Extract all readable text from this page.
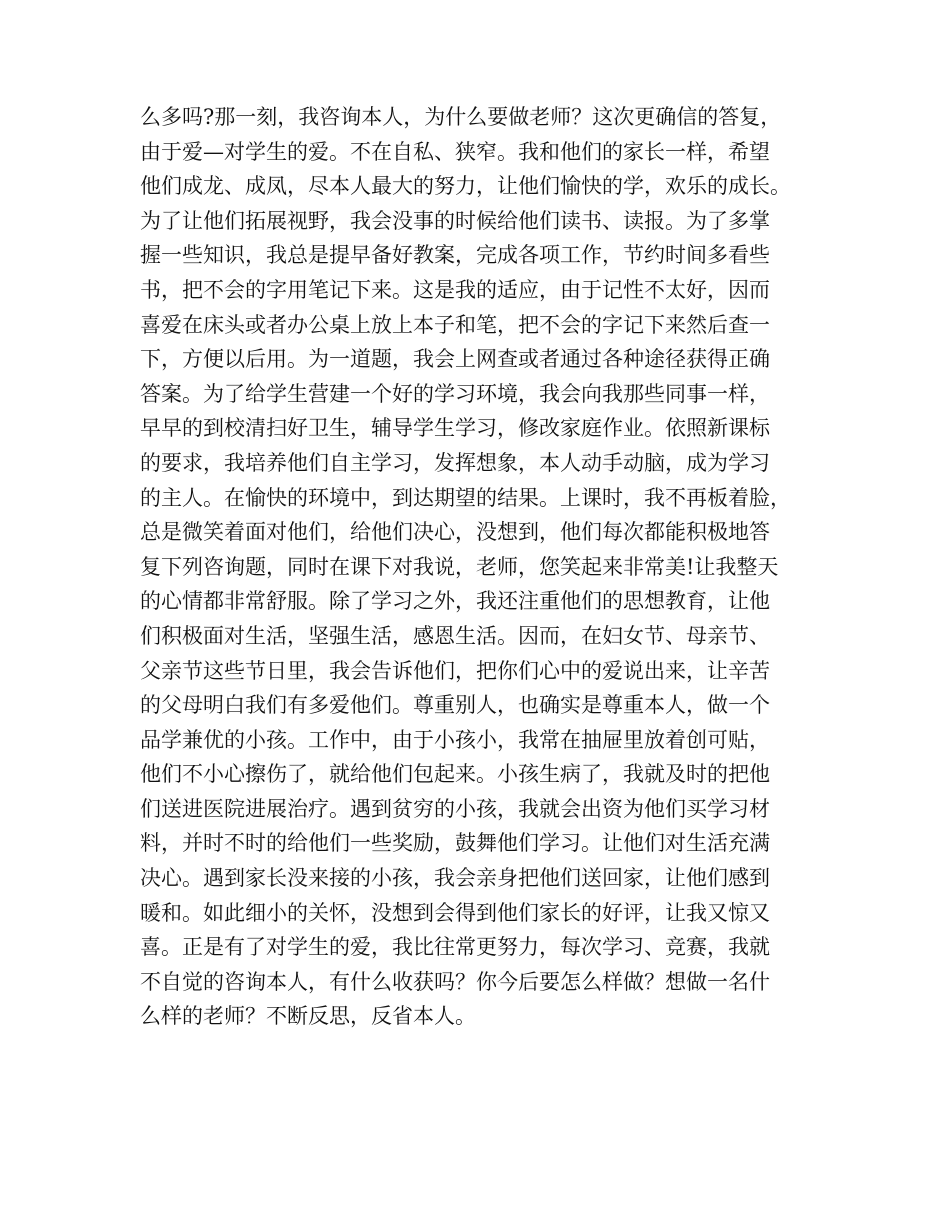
么多吗?那一刻，我咨询本人，为什么要做老师？这次更确信的答复，
由于爱—对学生的爱。不在自私、狭窄。我和他们的家长一样，希望
他们成龙、成凤，尽本人最大的努力，让他们愉快的学，欢乐的成长。
为了让他们拓展视野，我会没事的时候给他们读书、读报。为了多掌
握一些知识，我总是提早备好教案，完成各项工作，节约时间多看些
书，把不会的字用笔记下来。这是我的适应，由于记性不太好，因而
喜爱在床头或者办公桌上放上本子和笔，把不会的字记下来然后查一
下，方便以后用。为一道题，我会上网查或者通过各种途径获得正确
答案。为了给学生营建一个好的学习环境，我会向我那些同事一样，
早早的到校清扫好卫生，辅导学生学习，修改家庭作业。依照新课标
的要求，我培养他们自主学习，发挥想象，本人动手动脑，成为学习
的主人。在愉快的环境中，到达期望的结果。上课时，我不再板着脸，
总是微笑着面对他们，给他们决心，没想到，他们每次都能积极地答
复下列咨询题，同时在课下对我说，老师，您笑起来非常美!让我整天
的心情都非常舒服。除了学习之外，我还注重他们的思想教育，让他
们积极面对生活，坚强生活，感恩生活。因而，在妇女节、母亲节、
父亲节这些节日里，我会告诉他们，把你们心中的爱说出来，让辛苦
的父母明白我们有多爱他们。尊重别人，也确实是尊重本人，做一个
品学兼优的小孩。工作中，由于小孩小，我常在抽屉里放着创可贴，
他们不小心擦伤了，就给他们包起来。小孩生病了，我就及时的把他
们送进医院进展治疗。遇到贫穷的小孩，我就会出资为他们买学习材
料，并时不时的给他们一些奖励，鼓舞他们学习。让他们对生活充满
决心。遇到家长没来接的小孩，我会亲身把他们送回家，让他们感到
暖和。如此细小的关怀，没想到会得到他们家长的好评，让我又惊又
喜。正是有了对学生的爱，我比往常更努力，每次学习、竞赛，我就
不自觉的咨询本人，有什么收获吗？你今后要怎么样做？想做一名什
么样的老师？不断反思，反省本人。
